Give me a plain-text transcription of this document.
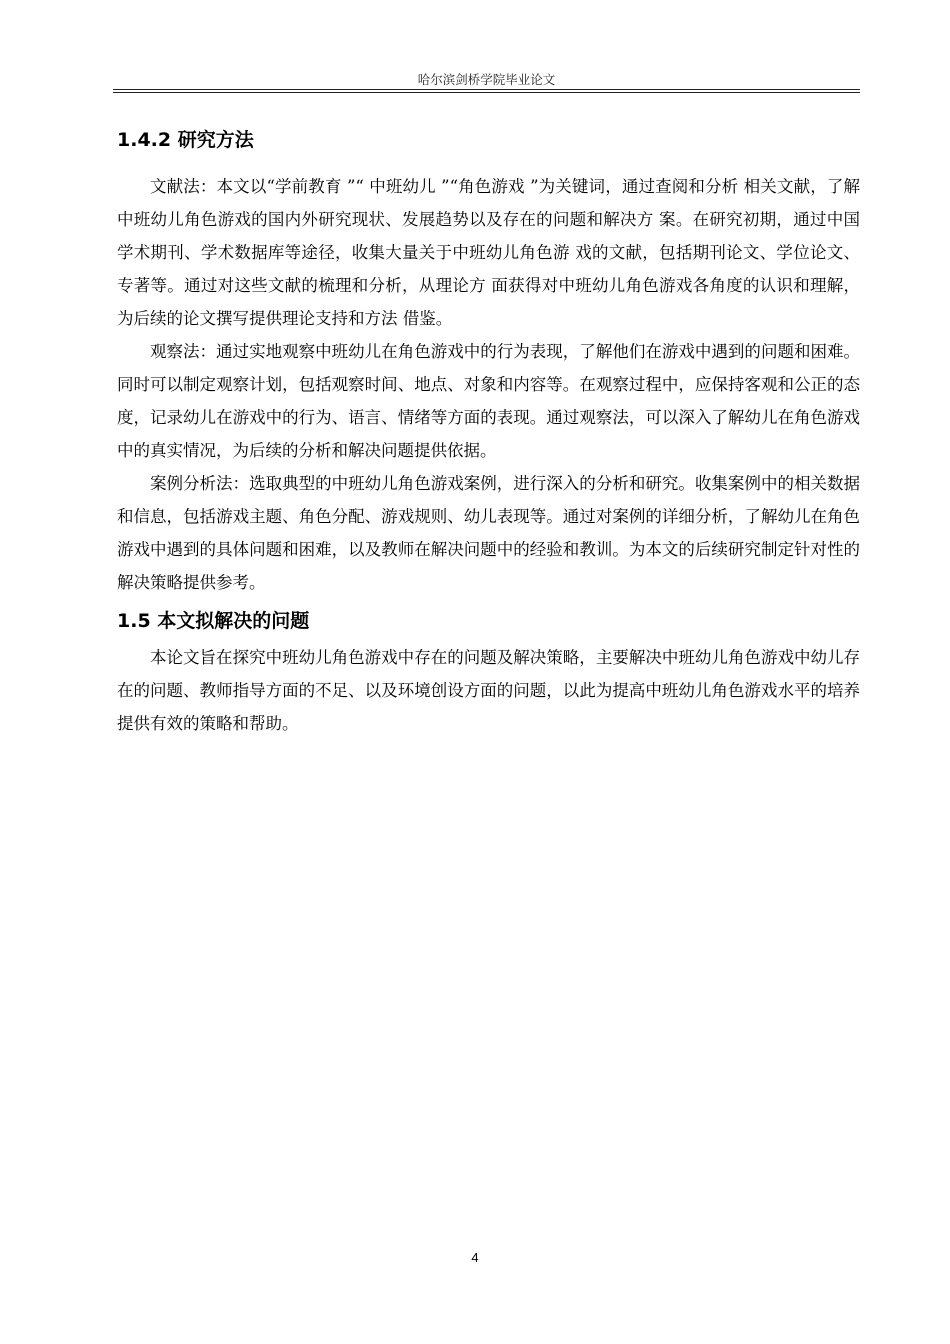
哈尔滨剑桥学院毕业论文
1.4.2 研究方法

文献法：本文以“学前教育 ”“ 中班幼儿 ”“角色游戏 ”为关键词，通过查阅和分析 相关文献，了解中班幼儿角色游戏的国内外研究现状、发展趋势以及存在的问题和解决方 案。在研究初期，通过中国学术期刊、学术数据库等途径，收集大量关于中班幼儿角色游 戏的文献，包括期刊论文、学位论文、专著等。通过对这些文献的梳理和分析，从理论方 面获得对中班幼儿角色游戏各角度的认识和理解，为后续的论文撰写提供理论支持和方法 借鉴。

观察法：通过实地观察中班幼儿在角色游戏中的行为表现，了解他们在游戏中遇到的问题和困难。同时可以制定观察计划，包括观察时间、地点、对象和内容等。在观察过程中，应保持客观和公正的态度，记录幼儿在游戏中的行为、语言、情绪等方面的表现。通过观察法，可以深入了解幼儿在角色游戏中的真实情况，为后续的分析和解决问题提供依据。

案例分析法：选取典型的中班幼儿角色游戏案例，进行深入的分析和研究。收集案例中的相关数据和信息，包括游戏主题、角色分配、游戏规则、幼儿表现等。通过对案例的详细分析，了解幼儿在角色游戏中遇到的具体问题和困难，以及教师在解决问题中的经验和教训。为本文的后续研究制定针对性的解决策略提供参考。

1.5 本文拟解决的问题

本论文旨在探究中班幼儿角色游戏中存在的问题及解决策略，主要解决中班幼儿角色游戏中幼儿存在的问题、教师指导方面的不足、以及环境创设方面的问题，以此为提高中班幼儿角色游戏水平的培养提供有效的策略和帮助。

4
